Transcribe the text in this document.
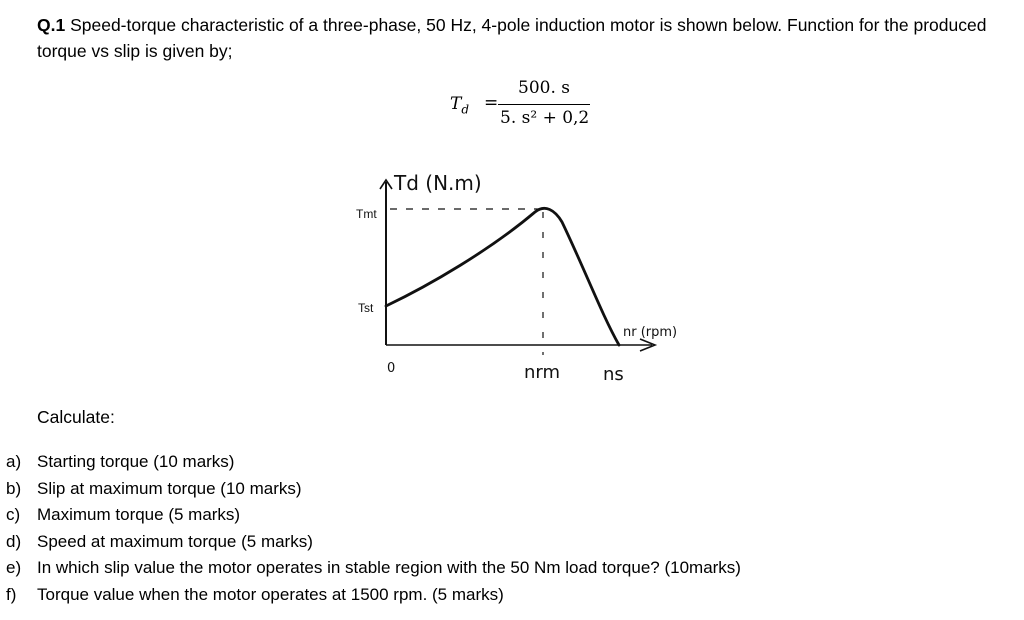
Q.1 Speed-torque characteristic of a three-phase, 50 Hz, 4-pole induction motor is shown below. Function for the produced torque vs slip is given by;
$T_d$ =
500. s
5. s² + 0,2
Td (N.m)
Tmt
Tst
0	nrm ns
nr (rpm)
Calculate:
a) Starting torque (10 marks)
b) Slip at maximum torque (10 marks)
c) Maximum torque (5 marks)
d) Speed at maximum torque (5 marks)
e) In which slip value the motor operates in stable region with the 50 Nm load torque? (10marks)
f) Torque value when the motor operates at 1500 rpm. (5 marks)
